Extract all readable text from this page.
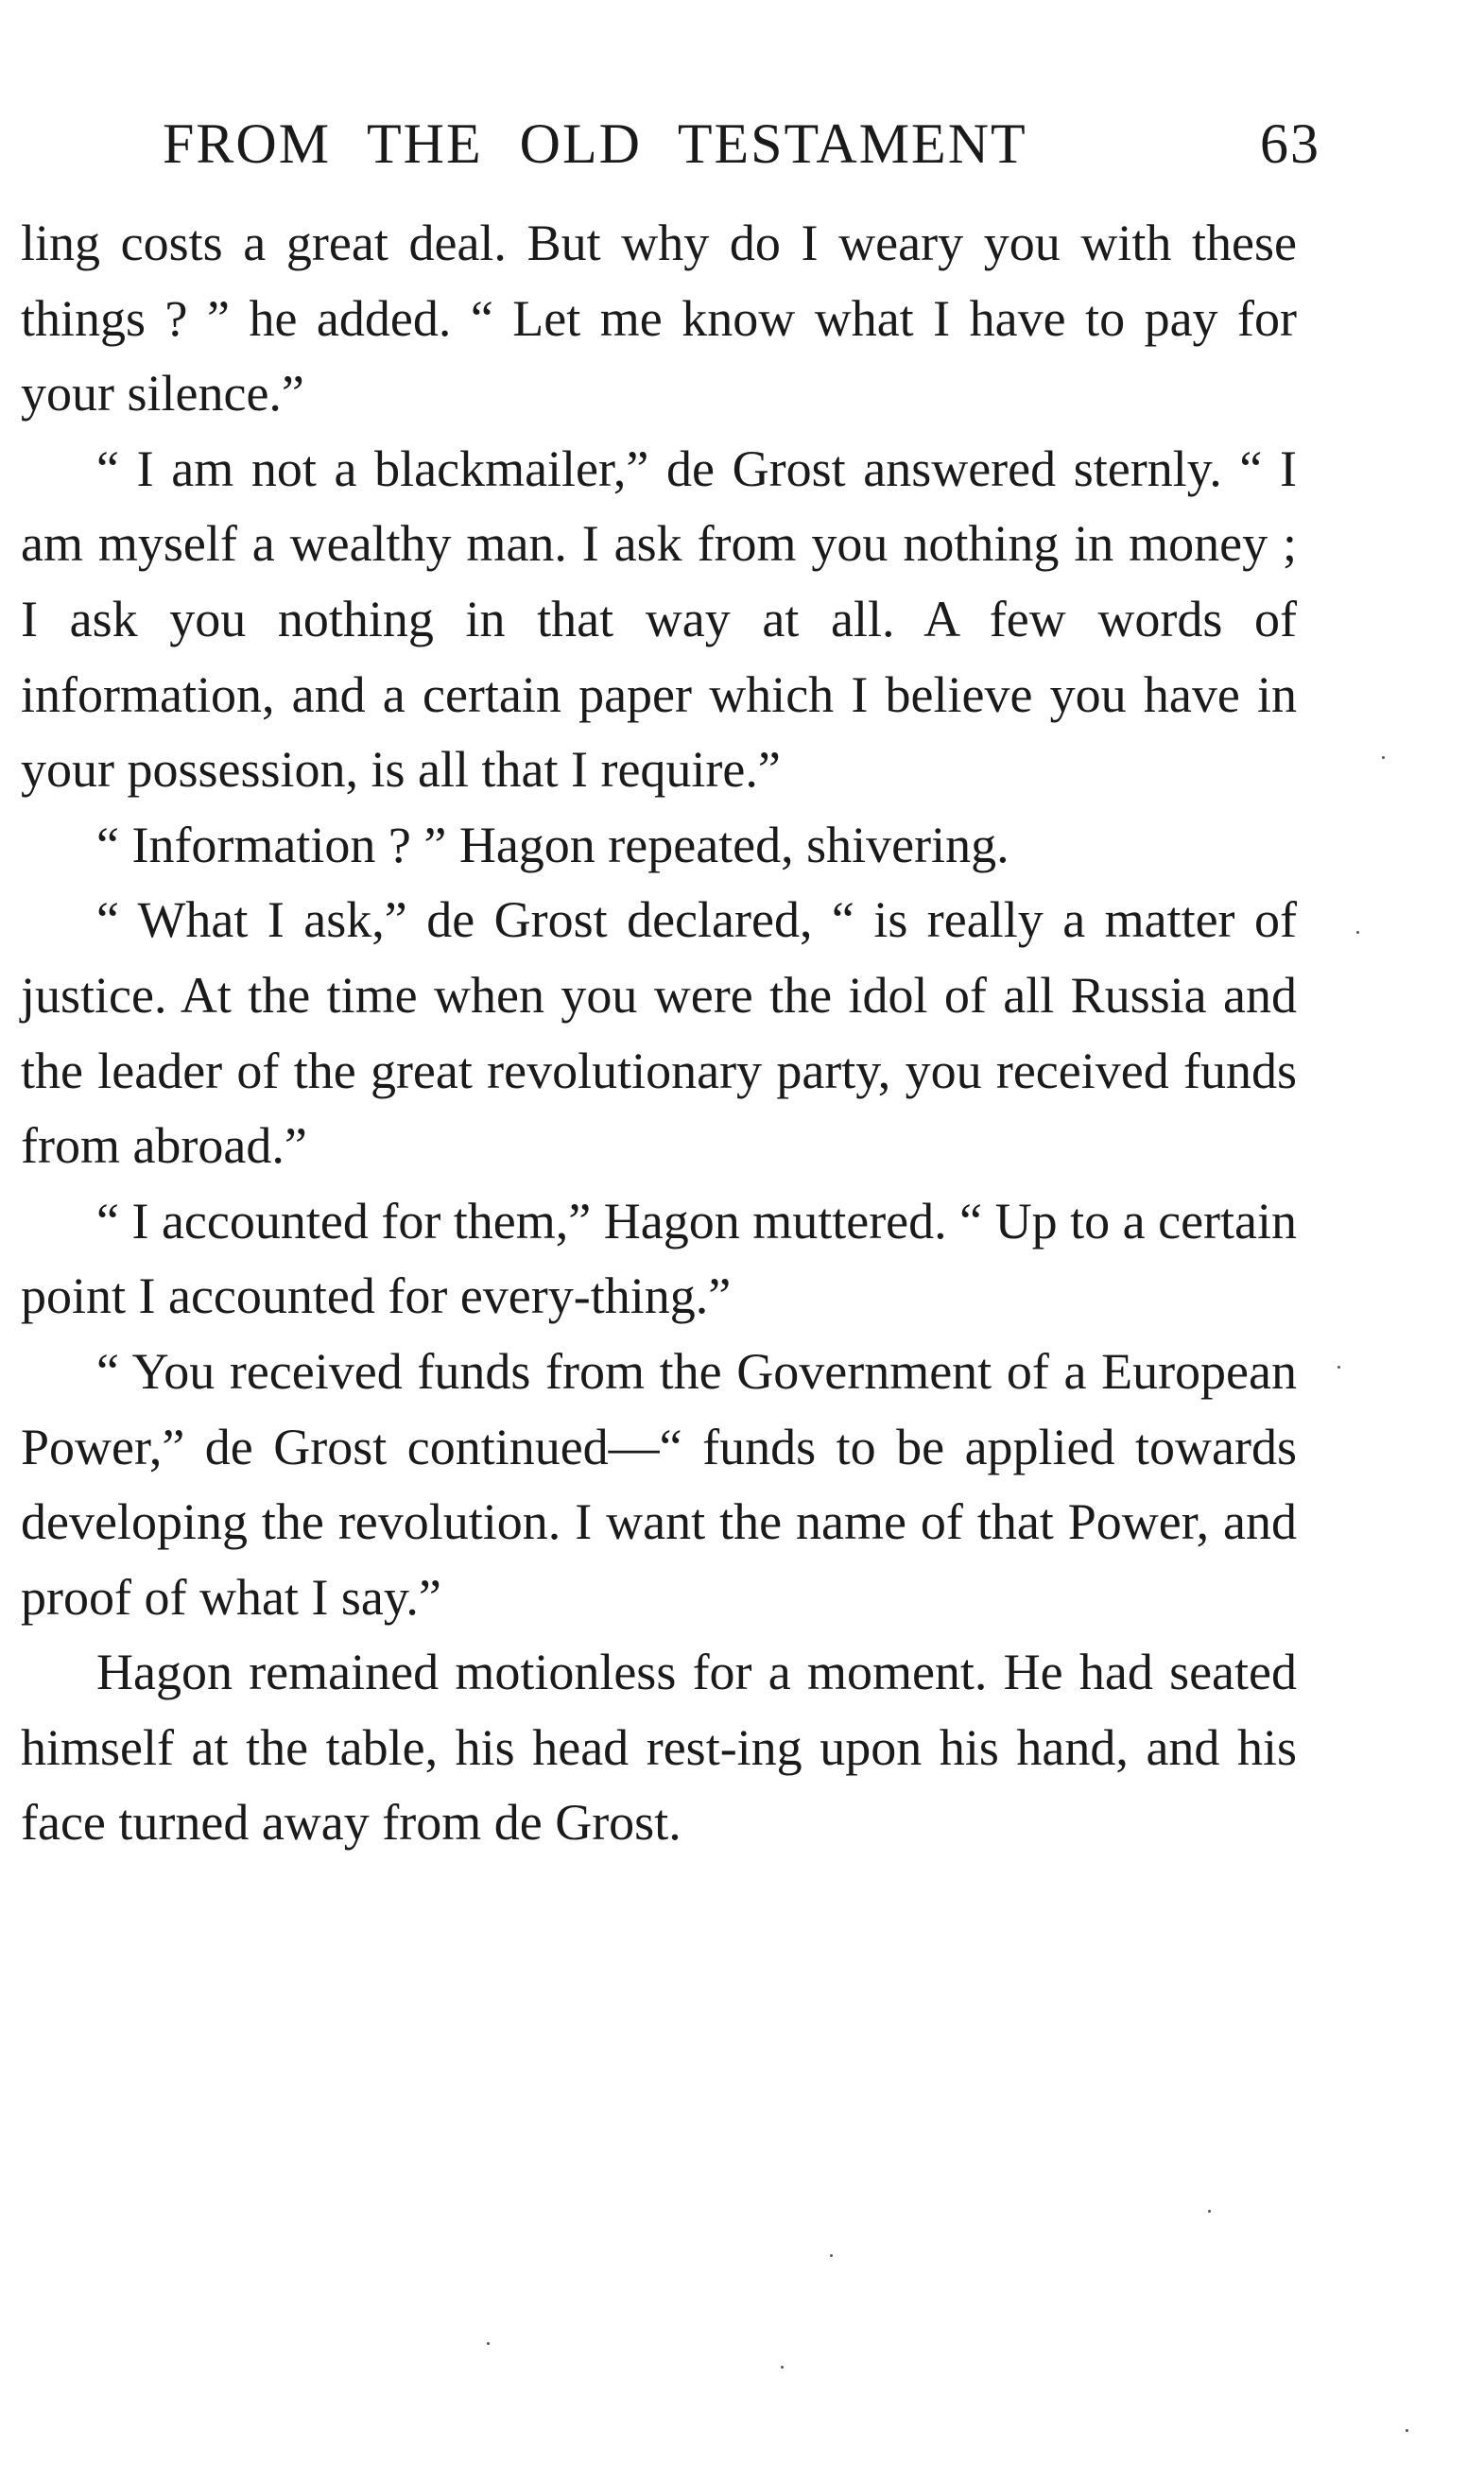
FROM THE OLD TESTAMENT	63

ling costs a great deal. But why do I weary you with these things ? ” he added. “ Let me know what I have to pay for your silence.”

“ I am not a blackmailer,” de Grost answered sternly. “ I am myself a wealthy man. I ask from you nothing in money ; I ask you nothing in that way at all. A few words of information, and a certain paper which I believe you have in your possession, is all that I require.”

“ Information ? ” Hagon repeated, shivering.

“ What I ask,” de Grost declared, “ is really a matter of justice. At the time when you were the idol of all Russia and the leader of the great revolutionary party, you received funds from abroad.”

“ I accounted for them,” Hagon muttered. “ Up to a certain point I accounted for every-thing.”

“ You received funds from the Government of a European Power,” de Grost continued—“ funds to be applied towards developing the revolution. I want the name of that Power, and proof of what I say.”

Hagon remained motionless for a moment. He had seated himself at the table, his head rest-ing upon his hand, and his face turned away from de Grost.
